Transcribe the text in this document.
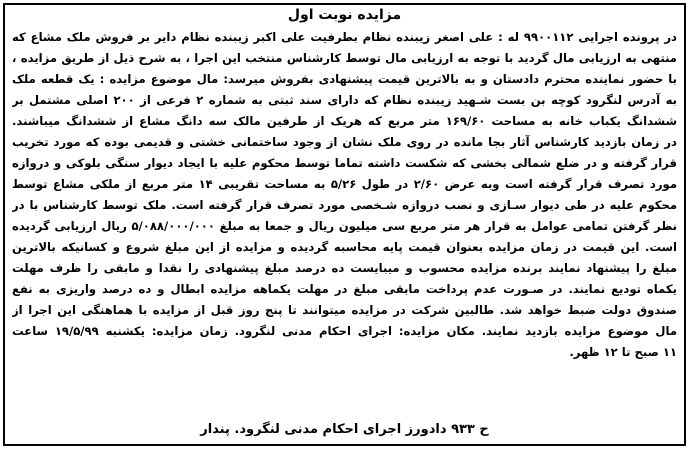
مزایده نوبت اول
در پرونده اجرایی ۹۹۰۰۱۱۲ له : علی اصغر زیبنده نظام بطرفیت علی اکبر زیبنده نظام دایر بر فروش ملک مشاع که
منتهی به ارزیابی مال گردید با توجه به ارزیابی مال توسط کارشناس منتخب این اجرا ، به شرح ذیل از طریق مزایده ،
با حضور نماینده محترم دادستان و به بالاترین قیمت پیشنهادی بفروش میرسد: مال موضوع مزایده : یک قطعه ملک
به آدرس لنگرود کوچه بن بست شـهید زیبنده نظام که دارای سند ثبتی به شماره ۲ فرعی از ۲۰۰ اصلی مشتمل بر
ششدانگ یکباب خانه به مساحت ۱۶۹/۶۰ متر مربع که هریک از طرفین مالک سه دانگ مشاع از ششدانگ میباشند.
در زمان بازدید کارشناس آثار بجا مانده در روی ملک نشان از وجود ساختمانی خشتی و قدیمی بوده که مورد تخریب
قرار گرفته و در ضلع شمالی بخشی که شکست داشته تماما توسط محکوم علیه با ایجاد دیوار سنگی بلوکی و دروازه
مورد تصرف قرار گرفته است وبه عرض ۲/۶۰ در طول ۵/۲۶ به مساحت تقریبی ۱۴ متر مربع از ملکی مشاع توسط
محکوم علیه در طی دیوار سـازی و نصب دروازه شـخصی مورد تصرف قرار گرفته است. ملک توسط کارشناس با در
نظر گرفتن تمامی عوامل به قرار هر متر مربع سی میلیون ریال و جمعا به مبلغ ۵/۰۸۸/۰۰۰/۰۰۰ ریال ارزیابی گردیده
است. این قیمت در زمان مزایده بعنوان قیمت پایه محاسبه گردیده و مزایده از این مبلغ شروع و کسانیکه بالاترین
مبلغ را پیشنهاد نمایند برنده مزایده محسوب و میبایست ده درصد مبلغ پیشنهادی را نقدا و مابقی را ظرف مهلت
یکماه تودیع نمایند. در صـورت عدم پرداخت مابقی مبلغ در مهلت یکماهه مزایده ابطال و ده درصد واریزی به نفع
صندوق دولت ضبط خواهد شد. طالبین شرکت در مزایده میتوانند تا پنج روز قبل از مزایده با هماهنگی این اجرا از
مال موضوع مزایده بازدید نمایند. مکان مزایده: اجرای احکام مدنی لنگرود. زمان مزایده: یکشنبه ۱۹/۵/۹۹ ساعت
۱۱ صبح تا ۱۲ ظهر.
ح ۹۳۳ دادورز اجرای احکام مدنی لنگرود. پندار
